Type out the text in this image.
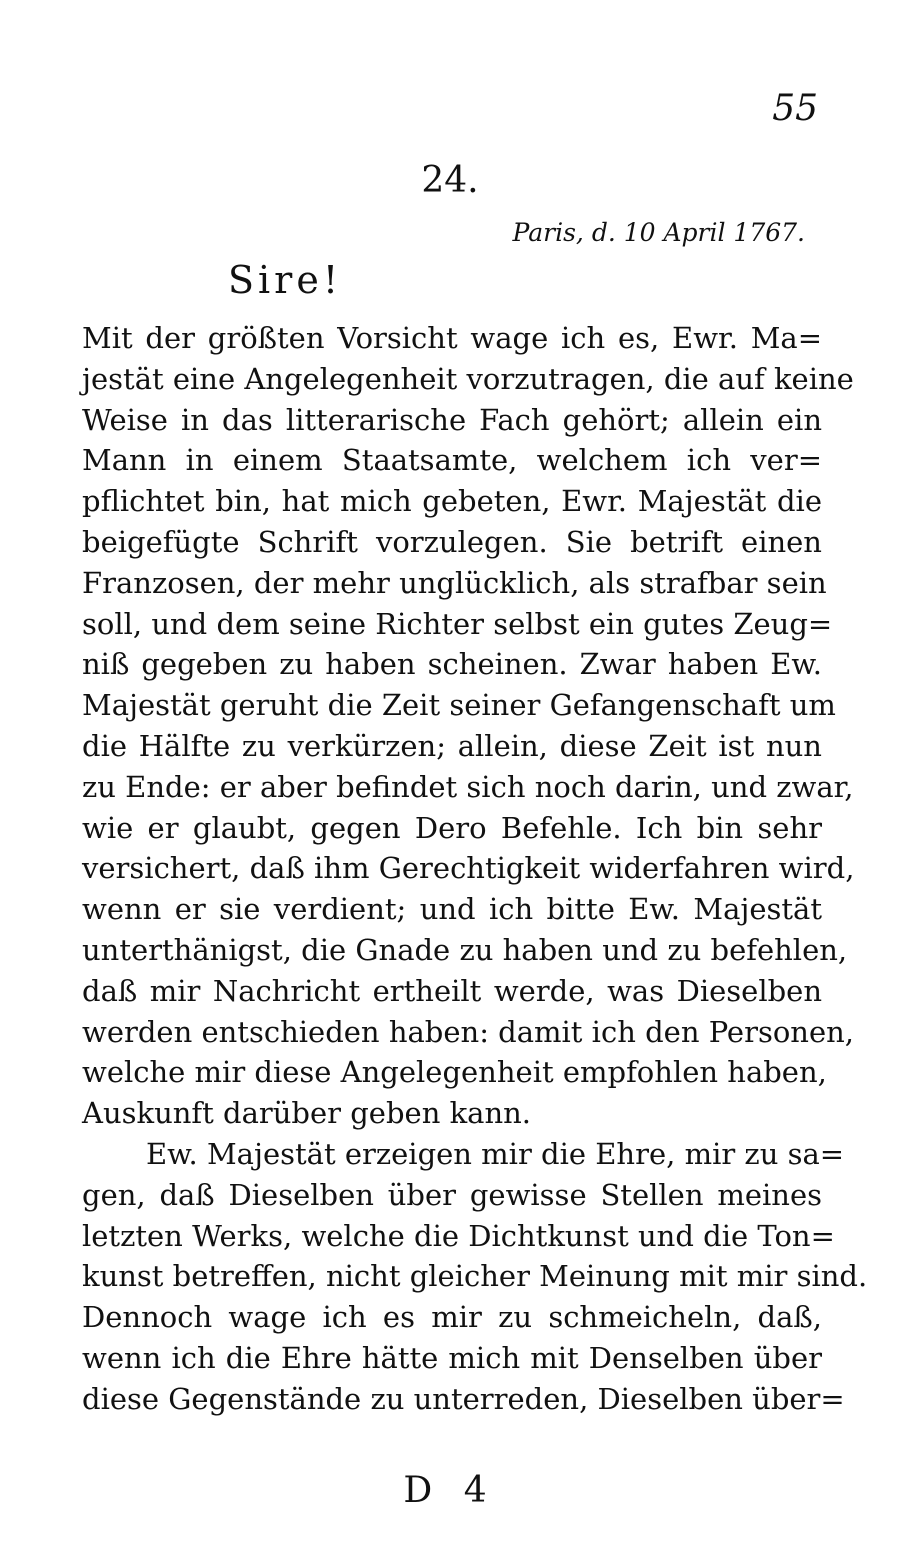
55
24.
Paris, d. 10 April 1767.
Sire!
Mit der größten Vorsicht wage ich es, Ewr. Ma=
jestät eine Angelegenheit vorzutragen, die auf keine
Weise in das litterarische Fach gehört; allein ein
Mann in einem Staatsamte, welchem ich ver=
pflichtet bin, hat mich gebeten, Ewr. Majestät die
beigefügte Schrift vorzulegen. Sie betrift einen
Franzosen, der mehr unglücklich, als strafbar sein
soll, und dem seine Richter selbst ein gutes Zeug=
niß gegeben zu haben scheinen. Zwar haben Ew.
Majestät geruht die Zeit seiner Gefangenschaft um
die Hälfte zu verkürzen; allein, diese Zeit ist nun
zu Ende: er aber befindet sich noch darin, und zwar,
wie er glaubt, gegen Dero Befehle. Ich bin sehr
versichert, daß ihm Gerechtigkeit widerfahren wird,
wenn er sie verdient; und ich bitte Ew. Majestät
unterthänigst, die Gnade zu haben und zu befehlen,
daß mir Nachricht ertheilt werde, was Dieselben
werden entschieden haben: damit ich den Personen,
welche mir diese Angelegenheit empfohlen haben,
Auskunft darüber geben kann.
Ew. Majestät erzeigen mir die Ehre, mir zu sa=
gen, daß Dieselben über gewisse Stellen meines
letzten Werks, welche die Dichtkunst und die Ton=
kunst betreffen, nicht gleicher Meinung mit mir sind.
Dennoch wage ich es mir zu schmeicheln, daß,
wenn ich die Ehre hätte mich mit Denselben über
diese Gegenstände zu unterreden, Dieselben über=
D 4
